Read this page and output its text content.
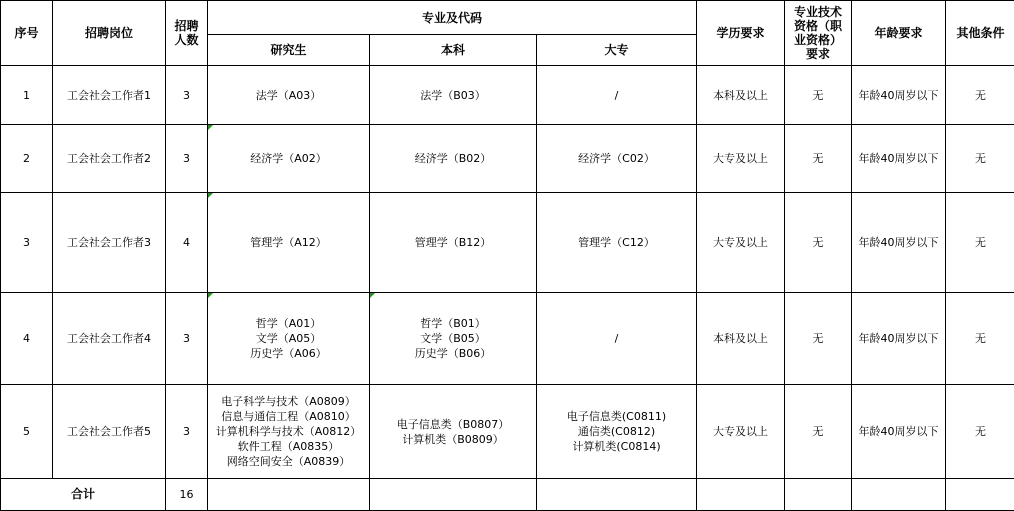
序号	招聘岗位	招聘人数	专业及代码			学历要求	专业技术资格（职业资格）要求	年龄要求	其他条件
			研究生	本科	大专				
1	工会社会工作者1	3	法学（A03）	法学（B03）	/	本科及以上	无	年龄40周岁以下	无
2	工会社会工作者2	3	经济学（A02）	经济学（B02）	经济学（C02）	大专及以上	无	年龄40周岁以下	无
3	工会社会工作者3	4	管理学（A12）	管理学（B12）	管理学（C12）	大专及以上	无	年龄40周岁以下	无
4	工会社会工作者4	3	哲学（A01）
文学（A05）
历史学（A06）	哲学（B01）
文学（B05）
历史学（B06）	/	本科及以上	无	年龄40周岁以下	无
5	工会社会工作者5	3	电子科学与技术（A0809）
信息与通信工程（A0810）
计算机科学与技术（A0812）
软件工程（A0835）
网络空间安全（A0839）	电子信息类（B0807）
计算机类（B0809）	电子信息类(C0811)
通信类(C0812)
计算机类(C0814)	大专及以上	无	年龄40周岁以下	无
合计		16							
